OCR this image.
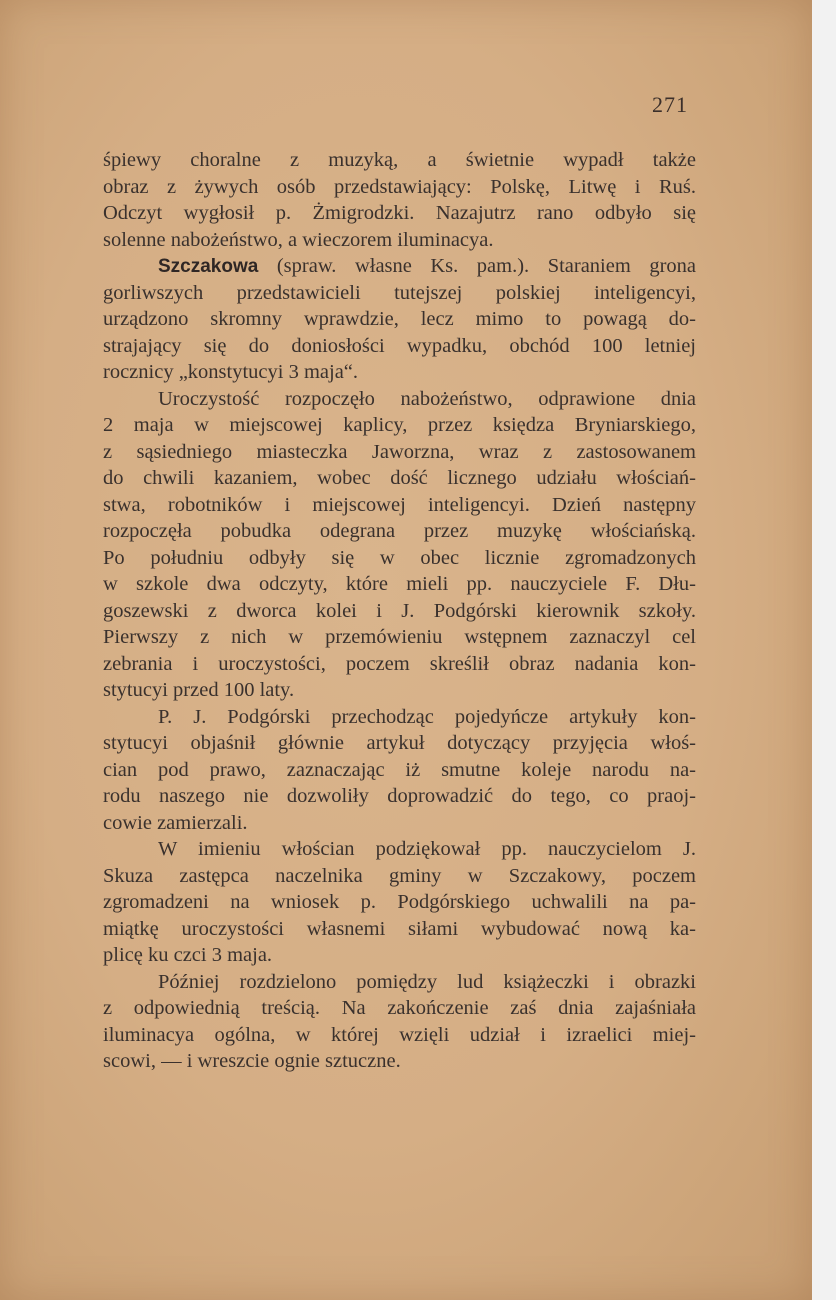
271
śpiewy choralne z muzyką, a świetnie wypadł także
obraz z żywych osób przedstawiający: Polskę, Litwę i Ruś.
Odczyt wygłosił p. Żmigrodzki. Nazajutrz rano odbyło się
solenne nabożeństwo, a wieczorem iluminacya.
Szczakowa (spraw. własne Ks. pam.). Staraniem grona
gorliwszych przedstawicieli tutejszej polskiej inteligencyi,
urządzono skromny wprawdzie, lecz mimo to powagą do-
strajający się do doniosłości wypadku, obchód 100 letniej
rocznicy „konstytucyi 3 maja“.
Uroczystość rozpoczęło nabożeństwo, odprawione dnia
2 maja w miejscowej kaplicy, przez księdza Bryniarskiego,
z sąsiedniego miasteczka Jaworzna, wraz z zastosowanem
do chwili kazaniem, wobec dość licznego udziału włościań-
stwa, robotników i miejscowej inteligencyi. Dzień następny
rozpoczęła pobudka odegrana przez muzykę włościańską.
Po południu odbyły się w obec licznie zgromadzonych
w szkole dwa odczyty, które mieli pp. nauczyciele F. Dłu-
goszewski z dworca kolei i J. Podgórski kierownik szkoły.
Pierwszy z nich w przemówieniu wstępnem zaznaczyl cel
zebrania i uroczystości, poczem skreślił obraz nadania kon-
stytucyi przed 100 laty.
P. J. Podgórski przechodząc pojedyńcze artykuły kon-
stytucyi objaśnił głównie artykuł dotyczący przyjęcia włoś-
cian pod prawo, zaznaczając iż smutne koleje narodu na-
rodu naszego nie dozwoliły doprowadzić do tego, co praoj-
cowie zamierzali.
W imieniu włościan podziękował pp. nauczycielom J.
Skuza zastępca naczelnika gminy w Szczakowy, poczem
zgromadzeni na wniosek p. Podgórskiego uchwalili na pa-
miątkę uroczystości własnemi siłami wybudować nową ka-
plicę ku czci 3 maja.
Później rozdzielono pomiędzy lud książeczki i obrazki
z odpowiednią treścią. Na zakończenie zaś dnia zajaśniała
iluminacya ogólna, w której wzięli udział i izraelici miej-
scowi, — i wreszcie ognie sztuczne.
